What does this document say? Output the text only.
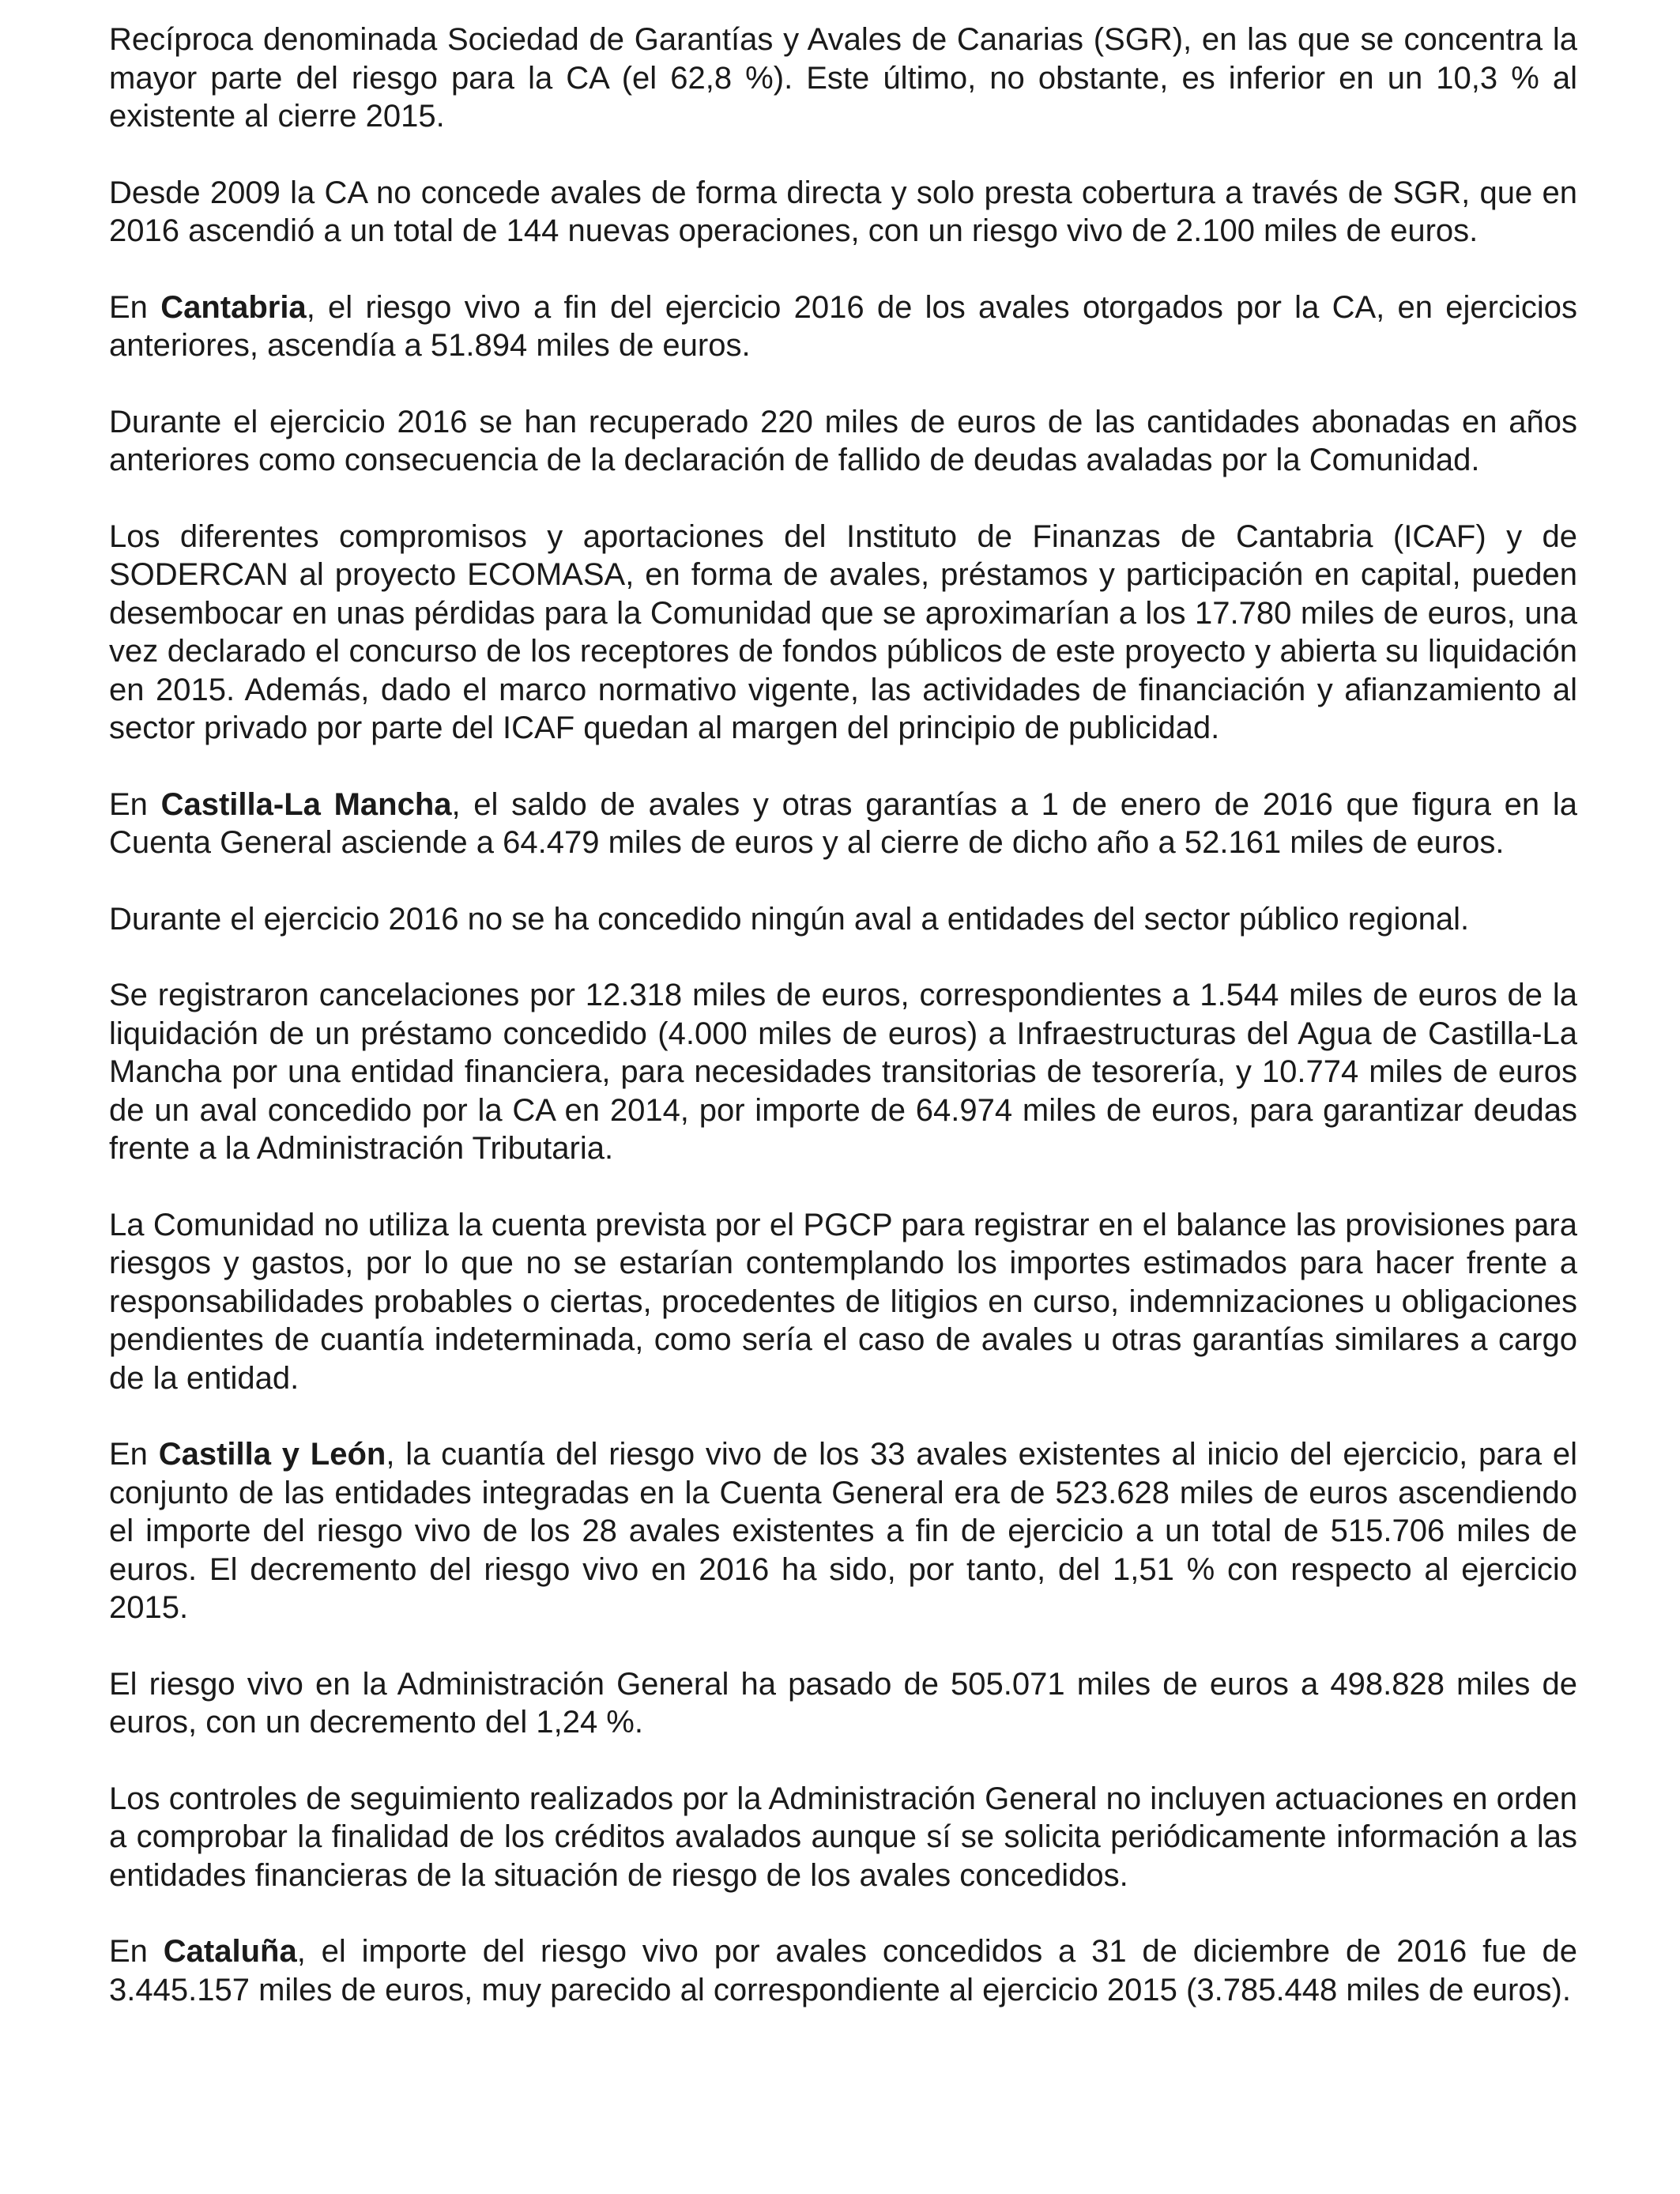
Recíproca denominada Sociedad de Garantías y Avales de Canarias (SGR), en las que se concentra la mayor parte del riesgo para la CA (el 62,8 %). Este último, no obstante, es inferior en un 10,3 % al existente al cierre 2015.

Desde 2009 la CA no concede avales de forma directa y solo presta cobertura a través de SGR, que en 2016 ascendió a un total de 144 nuevas operaciones, con un riesgo vivo de 2.100 miles de euros.

En Cantabria, el riesgo vivo a fin del ejercicio 2016 de los avales otorgados por la CA, en ejercicios anteriores, ascendía a 51.894 miles de euros.

Durante el ejercicio 2016 se han recuperado 220 miles de euros de las cantidades abonadas en años anteriores como consecuencia de la declaración de fallido de deudas avaladas por la Comunidad.

Los diferentes compromisos y aportaciones del Instituto de Finanzas de Cantabria (ICAF) y de SODERCAN al proyecto ECOMASA, en forma de avales, préstamos y participación en capital, pueden desembocar en unas pérdidas para la Comunidad que se aproximarían a los 17.780 miles de euros, una vez declarado el concurso de los receptores de fondos públicos de este proyecto y abierta su liquidación en 2015. Además, dado el marco normativo vigente, las actividades de financiación y afianzamiento al sector privado por parte del ICAF quedan al margen del principio de publicidad.

En Castilla-La Mancha, el saldo de avales y otras garantías a 1 de enero de 2016 que figura en la Cuenta General asciende a 64.479 miles de euros y al cierre de dicho año a 52.161 miles de euros.

Durante el ejercicio 2016 no se ha concedido ningún aval a entidades del sector público regional.

Se registraron cancelaciones por 12.318 miles de euros, correspondientes a 1.544 miles de euros de la liquidación de un préstamo concedido (4.000 miles de euros) a Infraestructuras del Agua de Castilla-La Mancha por una entidad financiera, para necesidades transitorias de tesorería, y 10.774 miles de euros de un aval concedido por la CA en 2014, por importe de 64.974 miles de euros, para garantizar deudas frente a la Administración Tributaria.

La Comunidad no utiliza la cuenta prevista por el PGCP para registrar en el balance las provisiones para riesgos y gastos, por lo que no se estarían contemplando los importes estimados para hacer frente a responsabilidades probables o ciertas, procedentes de litigios en curso, indemnizaciones u obligaciones pendientes de cuantía indeterminada, como sería el caso de avales u otras garantías similares a cargo de la entidad.

En Castilla y León, la cuantía del riesgo vivo de los 33 avales existentes al inicio del ejercicio, para el conjunto de las entidades integradas en la Cuenta General era de 523.628 miles de euros ascendiendo el importe del riesgo vivo de los 28 avales existentes a fin de ejercicio a un total de 515.706 miles de euros. El decremento del riesgo vivo en 2016 ha sido, por tanto, del 1,51 % con respecto al ejercicio 2015.

El riesgo vivo en la Administración General ha pasado de 505.071 miles de euros a 498.828 miles de euros, con un decremento del 1,24 %.

Los controles de seguimiento realizados por la Administración General no incluyen actuaciones en orden a comprobar la finalidad de los créditos avalados aunque sí se solicita periódicamente información a las entidades financieras de la situación de riesgo de los avales concedidos.

En Cataluña, el importe del riesgo vivo por avales concedidos a 31 de diciembre de 2016 fue de 3.445.157 miles de euros, muy parecido al correspondiente al ejercicio 2015 (3.785.448 miles de euros).
